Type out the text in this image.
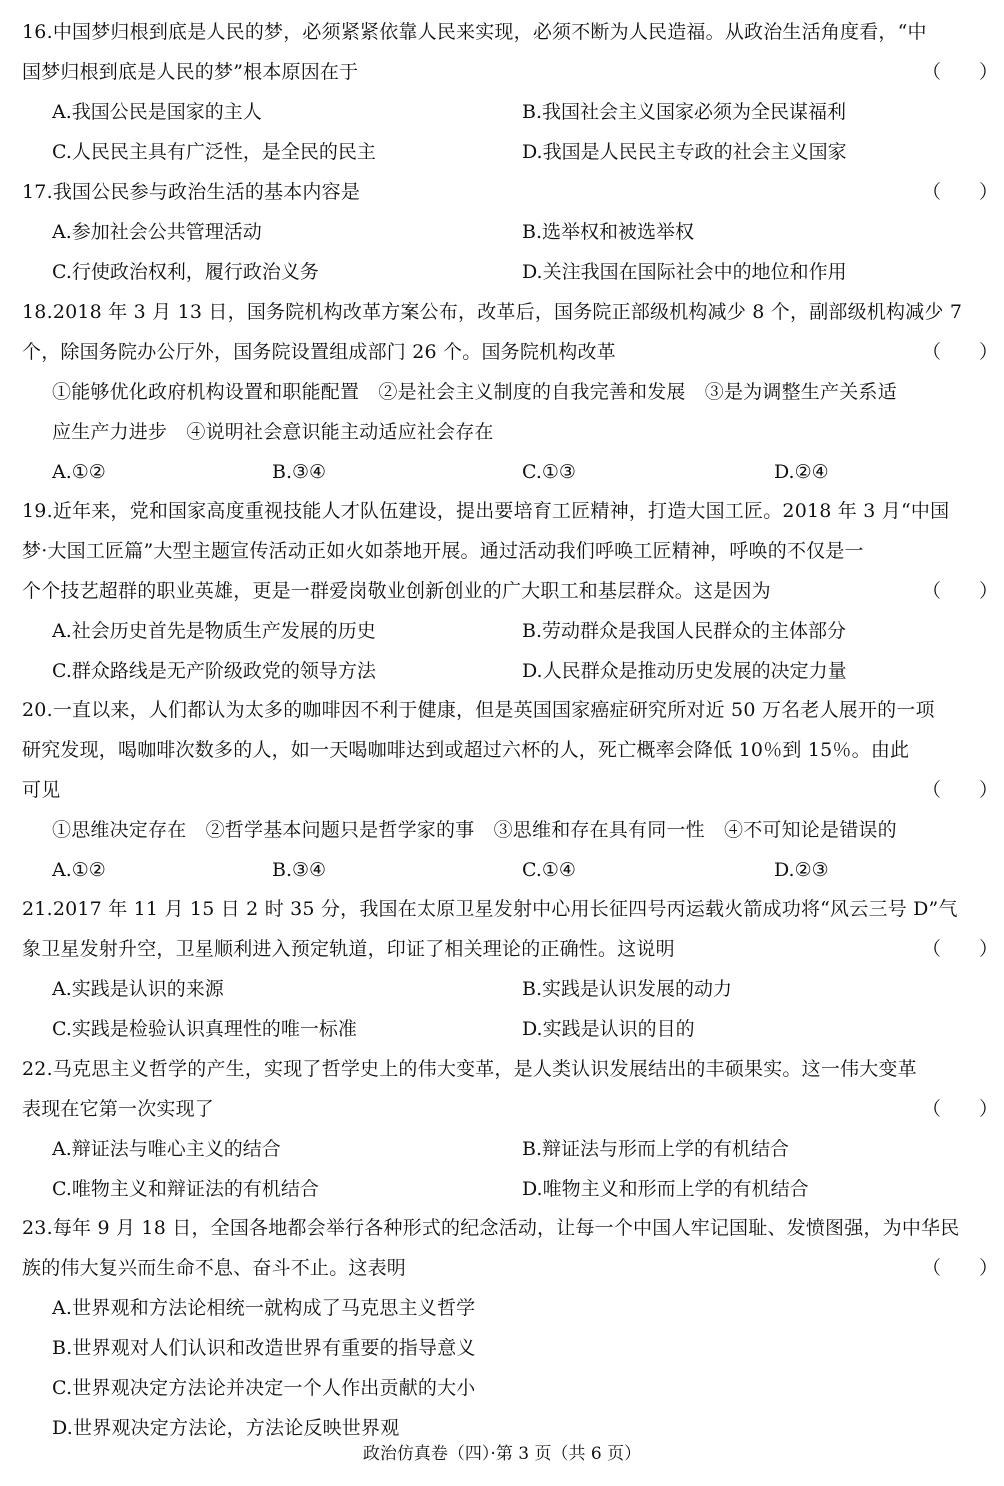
16.中国梦归根到底是人民的梦，必须紧紧依靠人民来实现，必须不断为人民造福。从政治生活角度看，“中
国梦归根到底是人民的梦”根本原因在于	（　　）
A.我国公民是国家的主人	B.我国社会主义国家必须为全民谋福利
C.人民民主具有广泛性，是全民的民主	D.我国是人民民主专政的社会主义国家
17.我国公民参与政治生活的基本内容是	（　　）
A.参加社会公共管理活动	B.选举权和被选举权
C.行使政治权利，履行政治义务	D.关注我国在国际社会中的地位和作用
18.2018 年 3 月 13 日，国务院机构改革方案公布，改革后，国务院正部级机构减少 8 个，副部级机构减少 7
个，除国务院办公厅外，国务院设置组成部门 26 个。国务院机构改革	（　　）
①能够优化政府机构设置和职能配置　②是社会主义制度的自我完善和发展　③是为调整生产关系适
应生产力进步　④说明社会意识能主动适应社会存在
A.①②	B.③④	C.①③	D.②④
19.近年来，党和国家高度重视技能人才队伍建设，提出要培育工匠精神，打造大国工匠。2018 年 3 月“中国
梦·大国工匠篇”大型主题宣传活动正如火如荼地开展。通过活动我们呼唤工匠精神，呼唤的不仅是一
个个技艺超群的职业英雄，更是一群爱岗敬业创新创业的广大职工和基层群众。这是因为	（　　）
A.社会历史首先是物质生产发展的历史	B.劳动群众是我国人民群众的主体部分
C.群众路线是无产阶级政党的领导方法	D.人民群众是推动历史发展的决定力量
20.一直以来，人们都认为太多的咖啡因不利于健康，但是英国国家癌症研究所对近 50 万名老人展开的一项
研究发现，喝咖啡次数多的人，如一天喝咖啡达到或超过六杯的人，死亡概率会降低 10％到 15％。由此
可见	（　　）
①思维决定存在　②哲学基本问题只是哲学家的事　③思维和存在具有同一性　④不可知论是错误的
A.①②	B.③④	C.①④	D.②③
21.2017 年 11 月 15 日 2 时 35 分，我国在太原卫星发射中心用长征四号丙运载火箭成功将“风云三号 D”气
象卫星发射升空，卫星顺利进入预定轨道，印证了相关理论的正确性。这说明	（　　）
A.实践是认识的来源	B.实践是认识发展的动力
C.实践是检验认识真理性的唯一标准	D.实践是认识的目的
22.马克思主义哲学的产生，实现了哲学史上的伟大变革，是人类认识发展结出的丰硕果实。这一伟大变革
表现在它第一次实现了	（　　）
A.辩证法与唯心主义的结合	B.辩证法与形而上学的有机结合
C.唯物主义和辩证法的有机结合	D.唯物主义和形而上学的有机结合
23.每年 9 月 18 日，全国各地都会举行各种形式的纪念活动，让每一个中国人牢记国耻、发愤图强，为中华民
族的伟大复兴而生命不息、奋斗不止。这表明	（　　）
A.世界观和方法论相统一就构成了马克思主义哲学
B.世界观对人们认识和改造世界有重要的指导意义
C.世界观决定方法论并决定一个人作出贡献的大小
D.世界观决定方法论，方法论反映世界观
政治仿真卷（四）·第 3 页（共 6 页）
